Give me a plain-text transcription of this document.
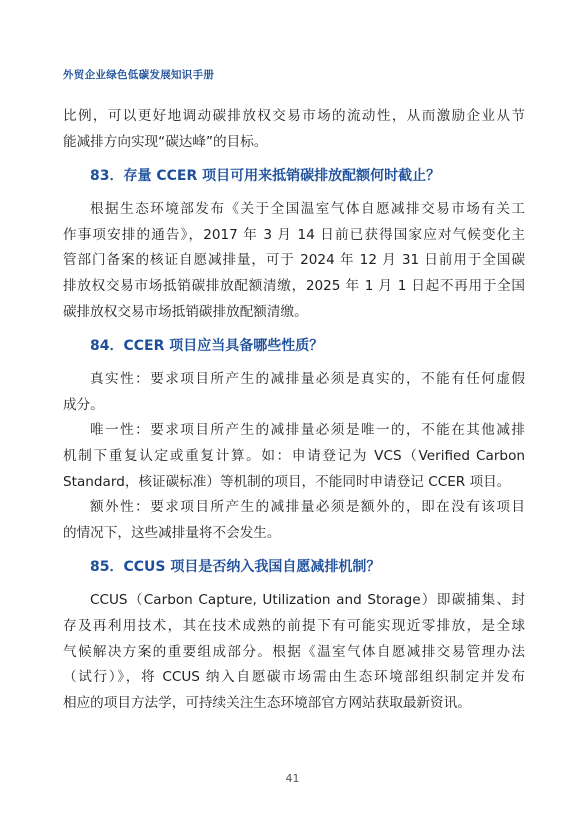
外贸企业绿色低碳发展知识手册

比例，可以更好地调动碳排放权交易市场的流动性，从而激励企业从节
能减排方向实现“碳达峰”的目标。

83．存量 CCER 项目可用来抵销碳排放配额何时截止？

根据生态环境部发布《关于全国温室气体自愿减排交易市场有关工
作事项安排的通告》，2017 年 3 月 14 日前已获得国家应对气候变化主
管部门备案的核证自愿减排量，可于 2024 年 12 月 31 日前用于全国碳
排放权交易市场抵销碳排放配额清缴，2025 年 1 月 1 日起不再用于全国
碳排放权交易市场抵销碳排放配额清缴。

84．CCER 项目应当具备哪些性质？

真实性：要求项目所产生的减排量必须是真实的，不能有任何虚假
成分。

唯一性：要求项目所产生的减排量必须是唯一的，不能在其他减排
机制下重复认定或重复计算。如：申请登记为 VCS（Verified Carbon
Standard，核证碳标准）等机制的项目，不能同时申请登记 CCER 项目。

额外性：要求项目所产生的减排量必须是额外的，即在没有该项目
的情况下，这些减排量将不会发生。

85．CCUS 项目是否纳入我国自愿减排机制？

CCUS（Carbon Capture, Utilization and Storage）即碳捕集、封
存及再利用技术，其在技术成熟的前提下有可能实现近零排放，是全球
气候解决方案的重要组成部分。根据《温室气体自愿减排交易管理办法
（试行）》，将 CCUS 纳入自愿碳市场需由生态环境部组织制定并发布
相应的项目方法学，可持续关注生态环境部官方网站获取最新资讯。

41
